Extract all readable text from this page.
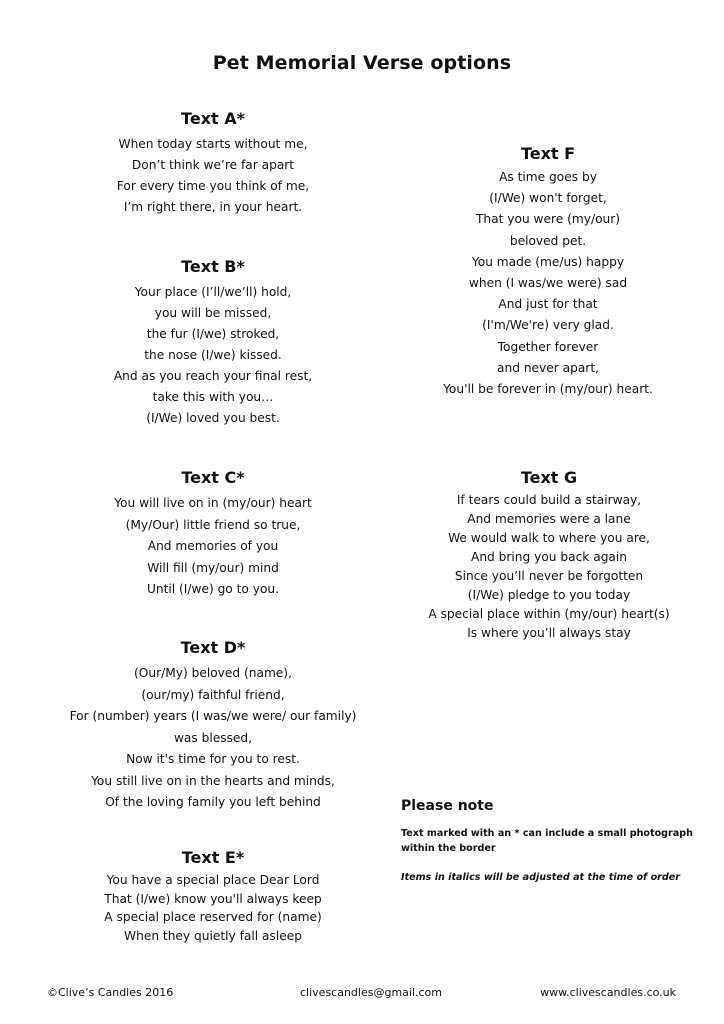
Pet Memorial Verse options
Text A*
When today starts without me,
Don’t think we’re far apart
For every time you think of me,
I’m right there, in your heart.
Text B*
Your place (I’ll/we’ll) hold,
you will be missed,
the fur (I/we) stroked,
the nose (I/we) kissed.
And as you reach your final rest,
take this with you…
(I/We) loved you best.
Text C*
You will live on in (my/our) heart
(My/Our) little friend so true,
And memories of you
Will fill (my/our) mind
Until (I/we) go to you.
Text D*
(Our/My) beloved (name),
(our/my) faithful friend,
For (number) years (I was/we were/ our family)
was blessed,
Now it's time for you to rest.
You still live on in the hearts and minds,
Of the loving family you left behind
Text E*
You have a special place Dear Lord
That (I/we) know you'll always keep
A special place reserved for (name)
When they quietly fall asleep
Text F
As time goes by
(I/We) won't forget,
That you were (my/our)
beloved pet.
You made (me/us) happy
when (I was/we were) sad
And just for that
(I'm/We're) very glad.
Together forever
and never apart,
You'll be forever in (my/our) heart.
Text G
If tears could build a stairway,
And memories were a lane
We would walk to where you are,
And bring you back again
Since you’ll never be forgotten
(I/We) pledge to you today
A special place within (my/our) heart(s)
Is where you’ll always stay
Please note

Text marked with an * can include a small photograph within the border

Items in italics will be adjusted at the time of order

©Clive’s Candles 2016	clivescandles@gmail.com	www.clivescandles.co.uk
